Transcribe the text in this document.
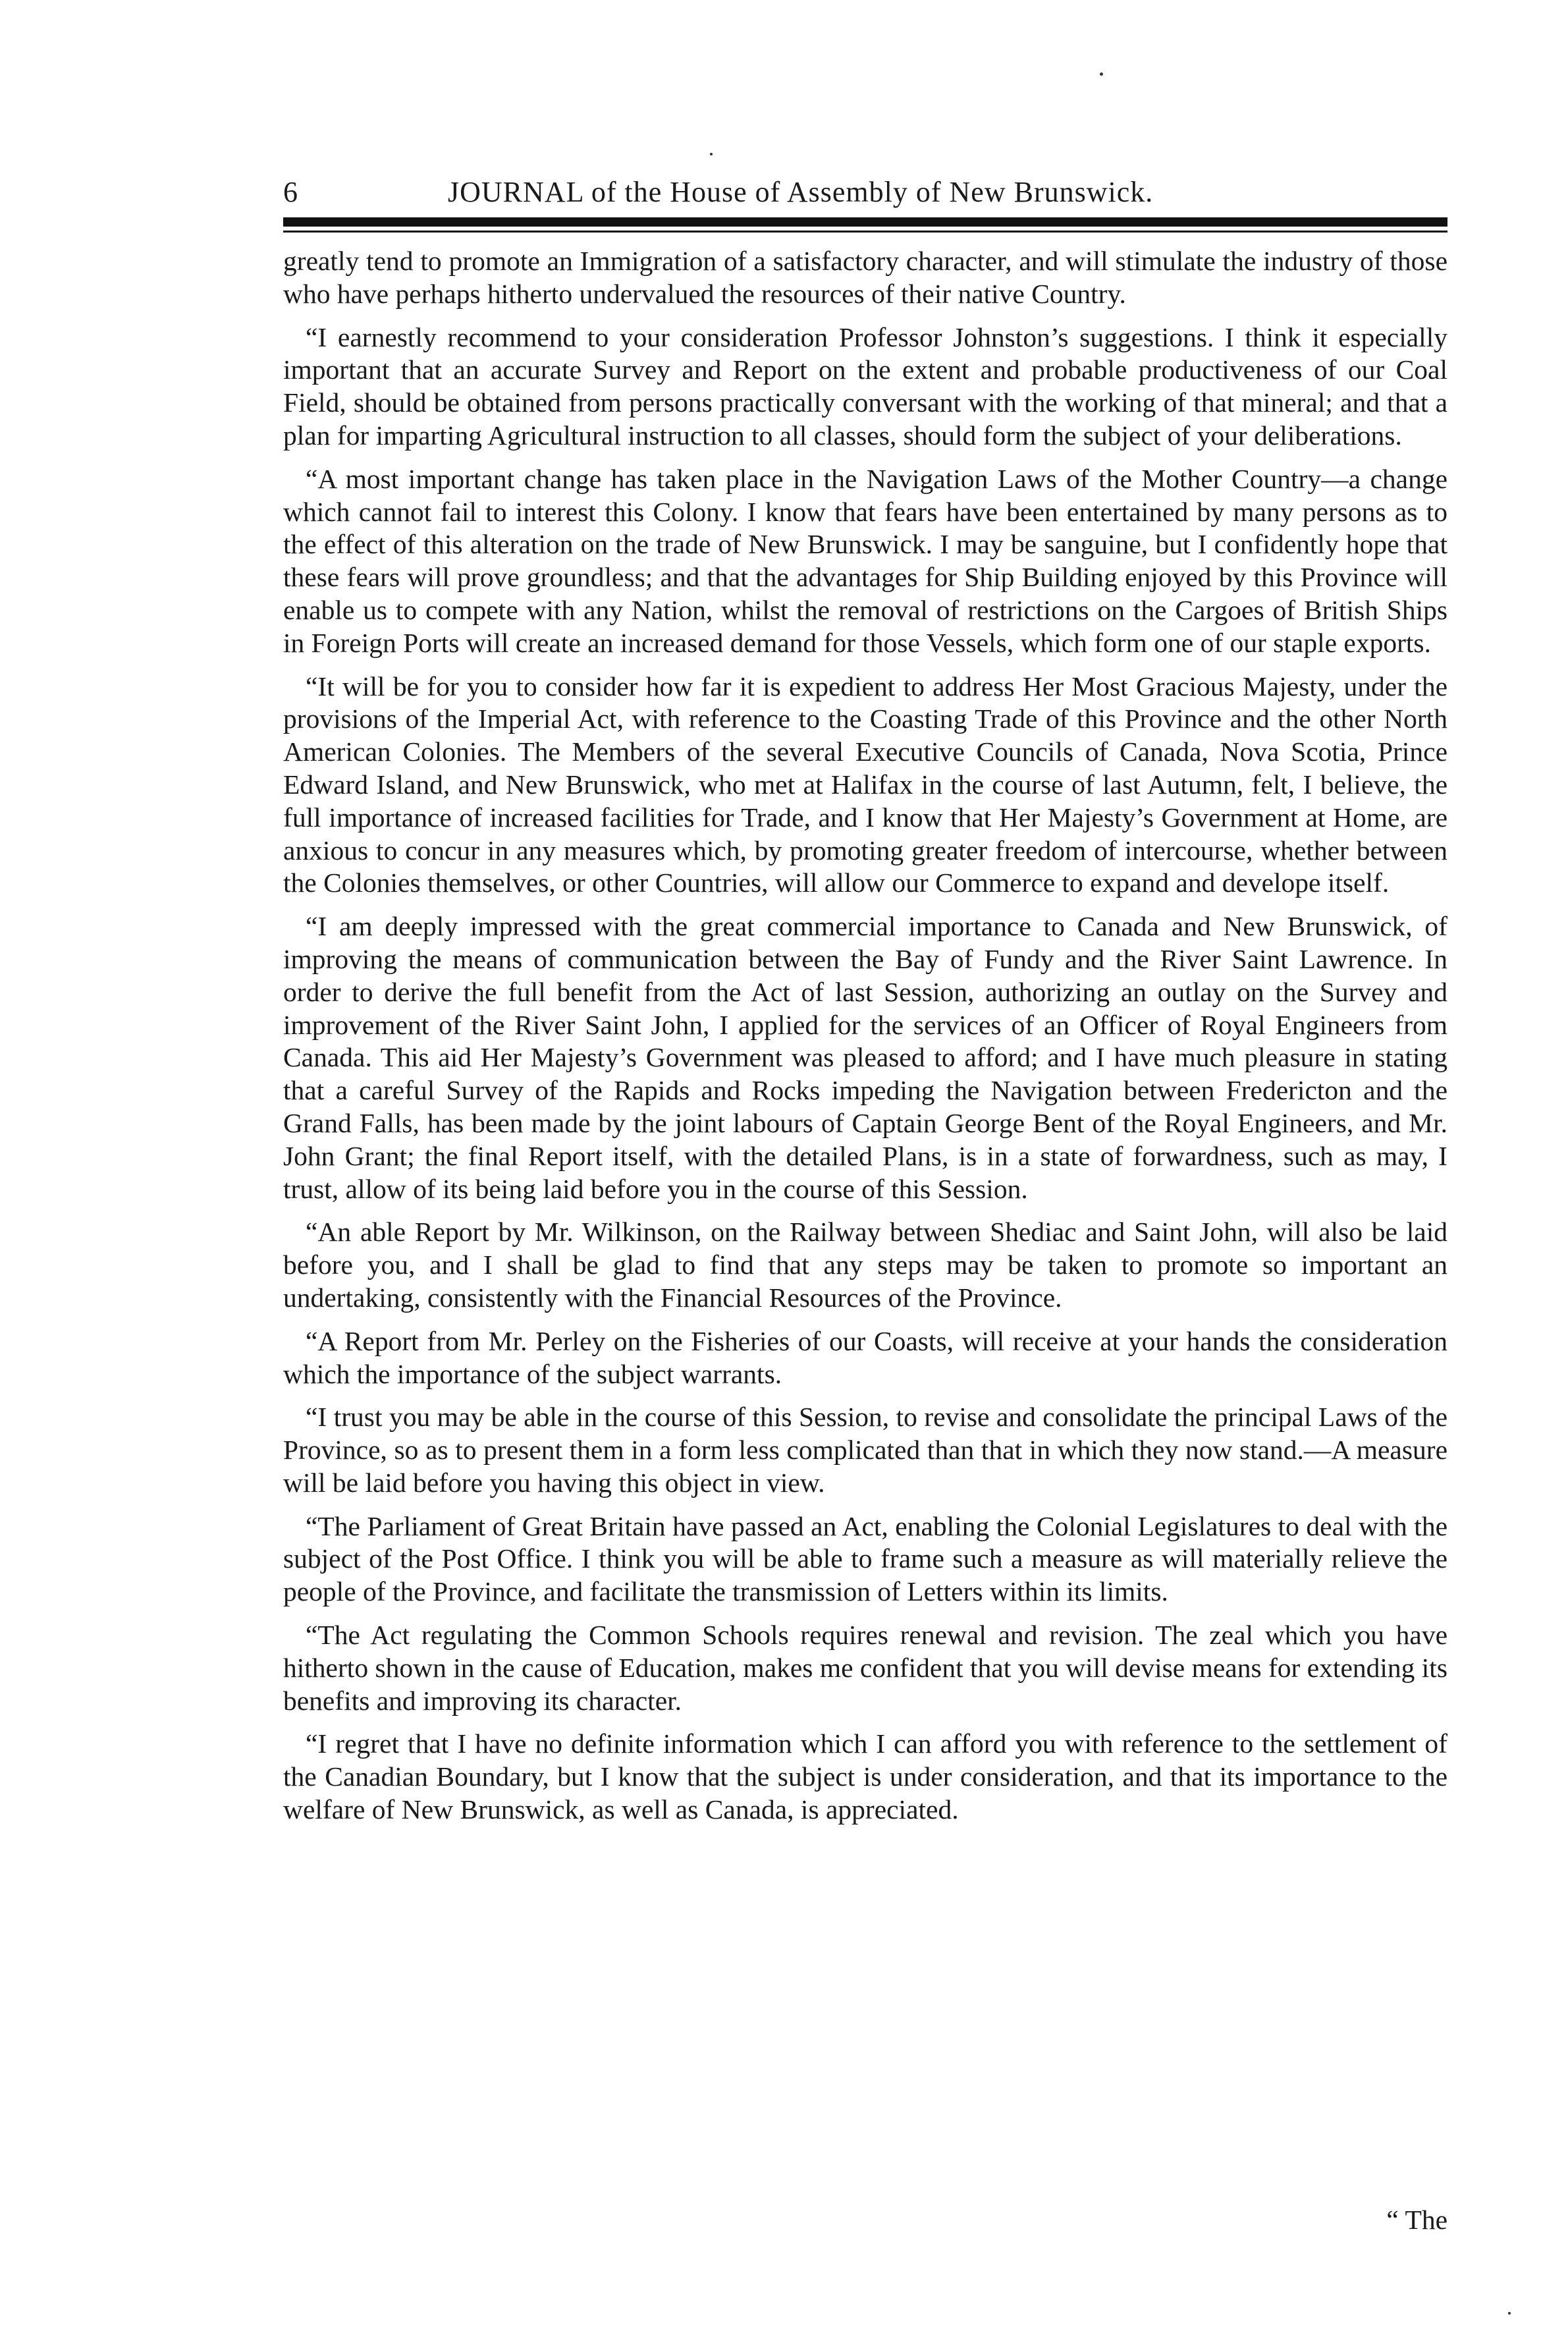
6	JOURNAL of the House of Assembly of New Brunswick.

greatly tend to promote an Immigration of a satisfactory character, and will stimulate the industry of those who have perhaps hitherto undervalued the resources of their native Country.

“I earnestly recommend to your consideration Professor Johnston’s suggestions. I think it especially important that an accurate Survey and Report on the extent and probable productiveness of our Coal Field, should be obtained from persons practically conversant with the working of that mineral; and that a plan for imparting Agricultural instruction to all classes, should form the subject of your deliberations.

“A most important change has taken place in the Navigation Laws of the Mother Country—a change which cannot fail to interest this Colony. I know that fears have been entertained by many persons as to the effect of this alteration on the trade of New Brunswick. I may be sanguine, but I confidently hope that these fears will prove groundless; and that the advantages for Ship Building enjoyed by this Province will enable us to compete with any Nation, whilst the removal of restrictions on the Cargoes of British Ships in Foreign Ports will create an increased demand for those Vessels, which form one of our staple exports.

“It will be for you to consider how far it is expedient to address Her Most Gracious Majesty, under the provisions of the Imperial Act, with reference to the Coasting Trade of this Province and the other North American Colonies. The Members of the several Executive Councils of Canada, Nova Scotia, Prince Edward Island, and New Brunswick, who met at Halifax in the course of last Autumn, felt, I believe, the full importance of increased facilities for Trade, and I know that Her Majesty’s Government at Home, are anxious to concur in any measures which, by promoting greater freedom of intercourse, whether between the Colonies themselves, or other Countries, will allow our Commerce to expand and develope itself.

“I am deeply impressed with the great commercial importance to Canada and New Brunswick, of improving the means of communication between the Bay of Fundy and the River Saint Lawrence. In order to derive the full benefit from the Act of last Session, authorizing an outlay on the Survey and improvement of the River Saint John, I applied for the services of an Officer of Royal Engineers from Canada. This aid Her Majesty’s Government was pleased to afford; and I have much pleasure in stating that a careful Survey of the Rapids and Rocks impeding the Navigation between Fredericton and the Grand Falls, has been made by the joint labours of Captain George Bent of the Royal Engineers, and Mr. John Grant; the final Report itself, with the detailed Plans, is in a state of forwardness, such as may, I trust, allow of its being laid before you in the course of this Session.

“An able Report by Mr. Wilkinson, on the Railway between Shediac and Saint John, will also be laid before you, and I shall be glad to find that any steps may be taken to promote so important an undertaking, consistently with the Financial Resources of the Province.

“A Report from Mr. Perley on the Fisheries of our Coasts, will receive at your hands the consideration which the importance of the subject warrants.

“I trust you may be able in the course of this Session, to revise and consolidate the principal Laws of the Province, so as to present them in a form less complicated than that in which they now stand.—A measure will be laid before you having this object in view.

“The Parliament of Great Britain have passed an Act, enabling the Colonial Legislatures to deal with the subject of the Post Office. I think you will be able to frame such a measure as will materially relieve the people of the Province, and facilitate the transmission of Letters within its limits.

“The Act regulating the Common Schools requires renewal and revision. The zeal which you have hitherto shown in the cause of Education, makes me confident that you will devise means for extending its benefits and improving its character.

“I regret that I have no definite information which I can afford you with reference to the settlement of the Canadian Boundary, but I know that the subject is under consideration, and that its importance to the welfare of New Brunswick, as well as Canada, is appreciated.

“ The
